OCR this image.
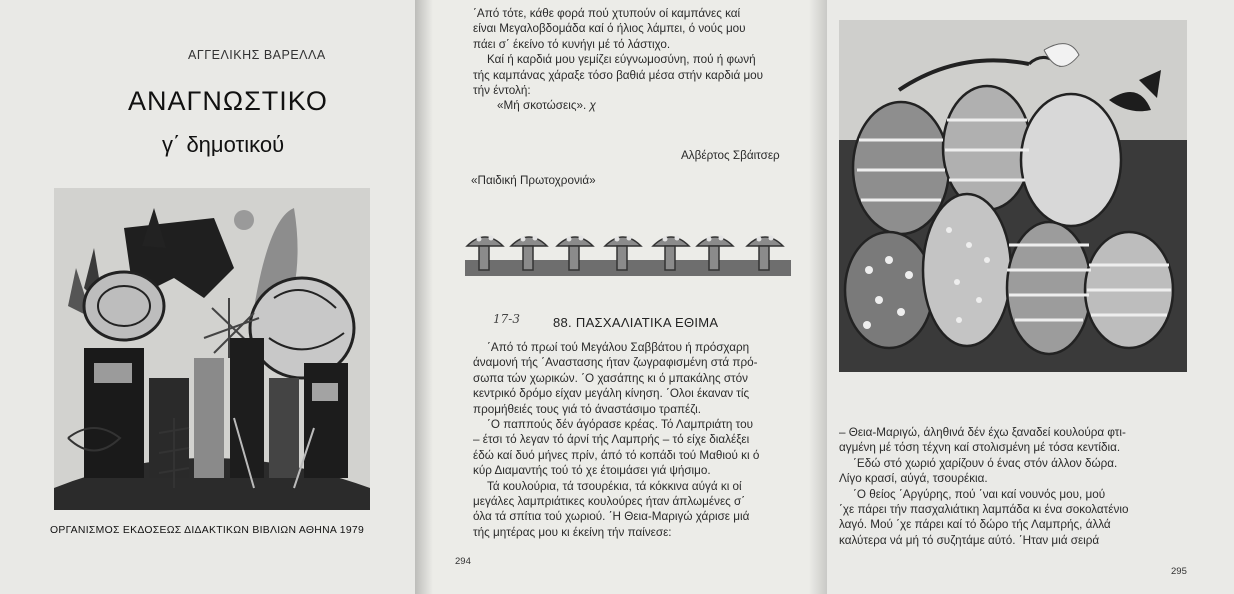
ΑΓΓΕΛΙΚΗΣ ΒΑΡΕΛΛΑ
ΑΝΑΓΝΩΣΤΙΚΟ
γ΄ δημοτικού
ΟΡΓΑΝΙΣΜΟΣ ΕΚΔΟΣΕΩΣ ΔΙΔΑΚΤΙΚΩΝ ΒΙΒΛΙΩΝ ΑΘΗΝΑ 1979

΄Από τότε, κάθε φορά πού χτυπούν οί καμπάνες καί

είναι Μεγαλοβδομάδα καί ό ήλιος λάμπει, ό νούς μου

πάει σ΄ έκείνο τό κυνήγι μέ τό λάστιχο.

Καί ή καρδιά μου γεμίζει εύγνωμοσύνη, πού ή φωνή

τής καμπάνας χάραξε τόσο βαθιά μέσα στήν καρδιά μου

τήν έντολή:

«Μή σκοτώσεις». χ

Αλβέρτος Σβάιτσερ
«Παιδική Πρωτοχρονιά»
17-3	88. ΠΑΣΧΑΛΙΑΤΙΚΑ ΕΘΙΜΑ

΄Από τό πρωί τού Μεγάλου Σαββάτου ή πρόσχαρη

άναμονή τής ΄Αναστασης ήταν ζωγραφισμένη στά πρό-

σωπα τών χωρικών. ΄Ο χασάπης κι ό μπακάλης στόν

κεντρικό δρόμο είχαν μεγάλη κίνηση. ΄Ολοι έκαναν τίς

προμήθειές τους γιά τό άναστάσιμο τραπέζι.

΄Ο παππούς δέν άγόρασε κρέας. Τό Λαμπριάτη του

– έτσι τό λεγαν τό άρνί τής Λαμπρής – τό είχε διαλέξει

έδώ καί δυό μήνες πρίν, άπό τό κοπάδι τού Μαθιού κι ό

κύρ Διαμαντής τού τό χε έτοιμάσει γιά ψήσιμο.

Τά κουλούρια, τά τσουρέκια, τά κόκκινα αύγά κι οί

μεγάλες λαμπριάτικες κουλούρες ήταν άπλωμένες σ΄

όλα τά σπίτια τού χωριού. ΄Η Θεια-Μαριγώ χάρισε μιά

τής μητέρας μου κι έκείνη τήν παίνεσε:

294

– Θεια-Μαριγώ, άληθινά δέν έχω ξαναδεί κουλούρα φτι-

αγμένη μέ τόση τέχνη καί στολισμένη μέ τόσα κεντίδια.

΄Εδώ στό χωριό χαρίζουν ό ένας στόν άλλον δώρα.

Λίγο κρασί, αύγά, τσουρέκια.

΄Ο θείος ΄Αργύρης, πού ΄ναι καί νουνός μου, μού

΄χε πάρει τήν πασχαλιάτικη λαμπάδα κι ένα σοκολατένιο

λαγό. Μού ΄χε πάρει καί τό δώρο τής Λαμπρής, άλλά

καλύτερα νά μή τό συζητάμε αύτό. ΄Ηταν μιά σειρά

295
